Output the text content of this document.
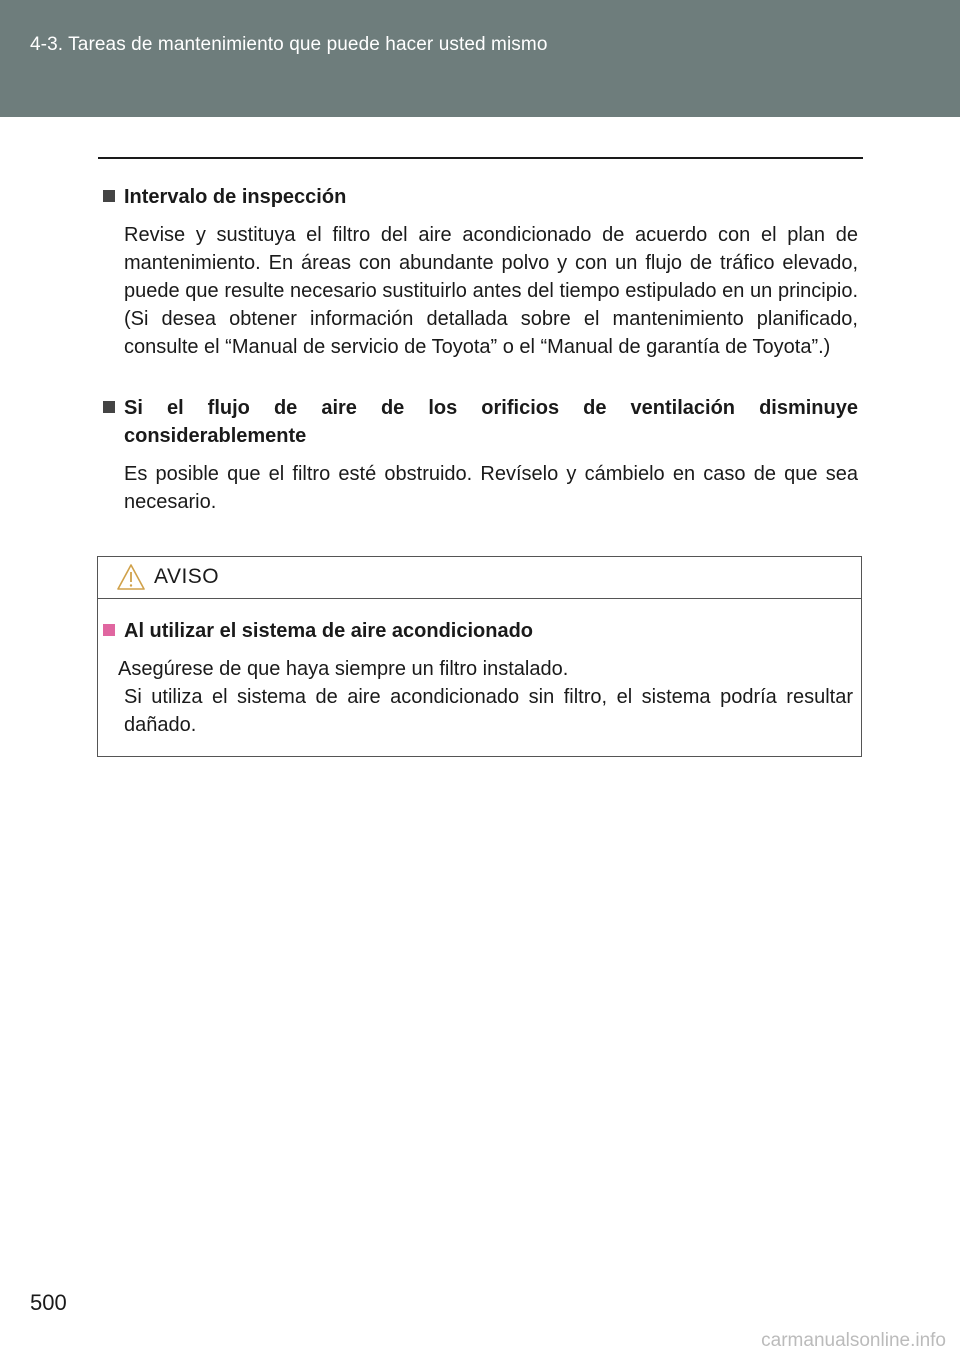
4-3. Tareas de mantenimiento que puede hacer usted mismo
Intervalo de inspección
Revise y sustituya el filtro del aire acondicionado de acuerdo con el plan de mantenimiento. En áreas con abundante polvo y con un flujo de tráfico elevado, puede que resulte necesario sustituirlo antes del tiempo estipulado en un principio. (Si desea obtener información detallada sobre el mantenimiento planificado, consulte el “Manual de servicio de Toyota” o el “Manual de garantía de Toyota”.)
Si el flujo de aire de los orificios de ventilación disminuye considerablemente
Es posible que el filtro esté obstruido. Revíselo y cámbielo en caso de que sea necesario.
AVISO
Al utilizar el sistema de aire acondicionado
Asegúrese de que haya siempre un filtro instalado.
Si utiliza el sistema de aire acondicionado sin filtro, el sistema podría resultar dañado.
500
carmanualsonline.info
